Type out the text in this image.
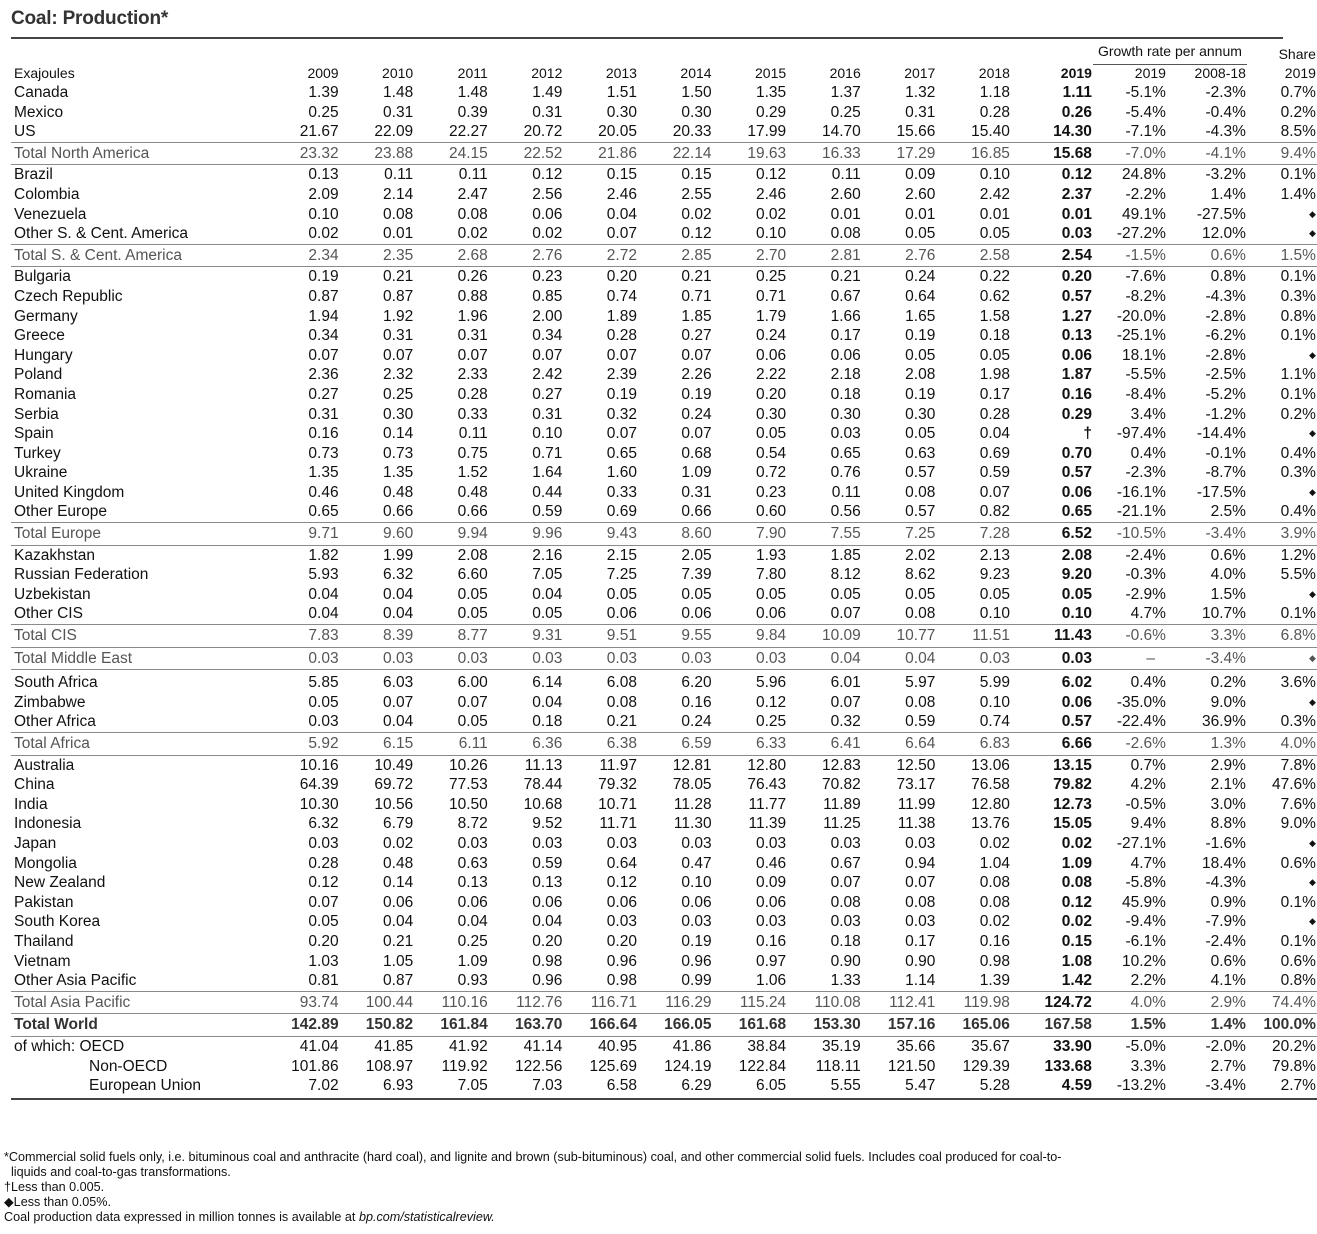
Coal: Production*
												Growth rate per annum		Share
Exajoules	2009	2010	2011	2012	2013	2014	2015	2016	2017	2018	2019	2019	2008-18	2019
Canada	1.39	1.48	1.48	1.49	1.51	1.50	1.35	1.37	1.32	1.18	1.11	-5.1%	-2.3%	0.7%
Mexico	0.25	0.31	0.39	0.31	0.30	0.30	0.29	0.25	0.31	0.28	0.26	-5.4%	-0.4%	0.2%
US	21.67	22.09	22.27	20.72	20.05	20.33	17.99	14.70	15.66	15.40	14.30	-7.1%	-4.3%	8.5%
Total North America	23.32	23.88	24.15	22.52	21.86	22.14	19.63	16.33	17.29	16.85	15.68	-7.0%	-4.1%	9.4%
Brazil	0.13	0.11	0.11	0.12	0.15	0.15	0.12	0.11	0.09	0.10	0.12	24.8%	-3.2%	0.1%
Colombia	2.09	2.14	2.47	2.56	2.46	2.55	2.46	2.60	2.60	2.42	2.37	-2.2%	1.4%	1.4%
Venezuela	0.10	0.08	0.08	0.06	0.04	0.02	0.02	0.01	0.01	0.01	0.01	49.1%	-27.5%	◆
Other S. & Cent. America	0.02	0.01	0.02	0.02	0.07	0.12	0.10	0.08	0.05	0.05	0.03	-27.2%	12.0%	◆
Total S. & Cent. America	2.34	2.35	2.68	2.76	2.72	2.85	2.70	2.81	2.76	2.58	2.54	-1.5%	0.6%	1.5%
Bulgaria	0.19	0.21	0.26	0.23	0.20	0.21	0.25	0.21	0.24	0.22	0.20	-7.6%	0.8%	0.1%
Czech Republic	0.87	0.87	0.88	0.85	0.74	0.71	0.71	0.67	0.64	0.62	0.57	-8.2%	-4.3%	0.3%
Germany	1.94	1.92	1.96	2.00	1.89	1.85	1.79	1.66	1.65	1.58	1.27	-20.0%	-2.8%	0.8%
Greece	0.34	0.31	0.31	0.34	0.28	0.27	0.24	0.17	0.19	0.18	0.13	-25.1%	-6.2%	0.1%
Hungary	0.07	0.07	0.07	0.07	0.07	0.07	0.06	0.06	0.05	0.05	0.06	18.1%	-2.8%	◆
Poland	2.36	2.32	2.33	2.42	2.39	2.26	2.22	2.18	2.08	1.98	1.87	-5.5%	-2.5%	1.1%
Romania	0.27	0.25	0.28	0.27	0.19	0.19	0.20	0.18	0.19	0.17	0.16	-8.4%	-5.2%	0.1%
Serbia	0.31	0.30	0.33	0.31	0.32	0.24	0.30	0.30	0.30	0.28	0.29	3.4%	-1.2%	0.2%
Spain	0.16	0.14	0.11	0.10	0.07	0.07	0.05	0.03	0.05	0.04	†	-97.4%	-14.4%	◆
Turkey	0.73	0.73	0.75	0.71	0.65	0.68	0.54	0.65	0.63	0.69	0.70	0.4%	-0.1%	0.4%
Ukraine	1.35	1.35	1.52	1.64	1.60	1.09	0.72	0.76	0.57	0.59	0.57	-2.3%	-8.7%	0.3%
United Kingdom	0.46	0.48	0.48	0.44	0.33	0.31	0.23	0.11	0.08	0.07	0.06	-16.1%	-17.5%	◆
Other Europe	0.65	0.66	0.66	0.59	0.69	0.66	0.60	0.56	0.57	0.82	0.65	-21.1%	2.5%	0.4%
Total Europe	9.71	9.60	9.94	9.96	9.43	8.60	7.90	7.55	7.25	7.28	6.52	-10.5%	-3.4%	3.9%
Kazakhstan	1.82	1.99	2.08	2.16	2.15	2.05	1.93	1.85	2.02	2.13	2.08	-2.4%	0.6%	1.2%
Russian Federation	5.93	6.32	6.60	7.05	7.25	7.39	7.80	8.12	8.62	9.23	9.20	-0.3%	4.0%	5.5%
Uzbekistan	0.04	0.04	0.05	0.04	0.05	0.05	0.05	0.05	0.05	0.05	0.05	-2.9%	1.5%	◆
Other CIS	0.04	0.04	0.05	0.05	0.06	0.06	0.06	0.07	0.08	0.10	0.10	4.7%	10.7%	0.1%
Total CIS	7.83	8.39	8.77	9.31	9.51	9.55	9.84	10.09	10.77	11.51	11.43	-0.6%	3.3%	6.8%
Total Middle East	0.03	0.03	0.03	0.03	0.03	0.03	0.03	0.04	0.04	0.03	0.03	–	-3.4%	◆
South Africa	5.85	6.03	6.00	6.14	6.08	6.20	5.96	6.01	5.97	5.99	6.02	0.4%	0.2%	3.6%
Zimbabwe	0.05	0.07	0.07	0.04	0.08	0.16	0.12	0.07	0.08	0.10	0.06	-35.0%	9.0%	◆
Other Africa	0.03	0.04	0.05	0.18	0.21	0.24	0.25	0.32	0.59	0.74	0.57	-22.4%	36.9%	0.3%
Total Africa	5.92	6.15	6.11	6.36	6.38	6.59	6.33	6.41	6.64	6.83	6.66	-2.6%	1.3%	4.0%
Australia	10.16	10.49	10.26	11.13	11.97	12.81	12.80	12.83	12.50	13.06	13.15	0.7%	2.9%	7.8%
China	64.39	69.72	77.53	78.44	79.32	78.05	76.43	70.82	73.17	76.58	79.82	4.2%	2.1%	47.6%
India	10.30	10.56	10.50	10.68	10.71	11.28	11.77	11.89	11.99	12.80	12.73	-0.5%	3.0%	7.6%
Indonesia	6.32	6.79	8.72	9.52	11.71	11.30	11.39	11.25	11.38	13.76	15.05	9.4%	8.8%	9.0%
Japan	0.03	0.02	0.03	0.03	0.03	0.03	0.03	0.03	0.03	0.02	0.02	-27.1%	-1.6%	◆
Mongolia	0.28	0.48	0.63	0.59	0.64	0.47	0.46	0.67	0.94	1.04	1.09	4.7%	18.4%	0.6%
New Zealand	0.12	0.14	0.13	0.13	0.12	0.10	0.09	0.07	0.07	0.08	0.08	-5.8%	-4.3%	◆
Pakistan	0.07	0.06	0.06	0.06	0.06	0.06	0.06	0.08	0.08	0.08	0.12	45.9%	0.9%	0.1%
South Korea	0.05	0.04	0.04	0.04	0.03	0.03	0.03	0.03	0.03	0.02	0.02	-9.4%	-7.9%	◆
Thailand	0.20	0.21	0.25	0.20	0.20	0.19	0.16	0.18	0.17	0.16	0.15	-6.1%	-2.4%	0.1%
Vietnam	1.03	1.05	1.09	0.98	0.96	0.96	0.97	0.90	0.90	0.98	1.08	10.2%	0.6%	0.6%
Other Asia Pacific	0.81	0.87	0.93	0.96	0.98	0.99	1.06	1.33	1.14	1.39	1.42	2.2%	4.1%	0.8%
Total Asia Pacific	93.74	100.44	110.16	112.76	116.71	116.29	115.24	110.08	112.41	119.98	124.72	4.0%	2.9%	74.4%
Total World	142.89	150.82	161.84	163.70	166.64	166.05	161.68	153.30	157.16	165.06	167.58	1.5%	1.4%	100.0%
of which: OECD	41.04	41.85	41.92	41.14	40.95	41.86	38.84	35.19	35.66	35.67	33.90	-5.0%	-2.0%	20.2%
Non-OECD	101.86	108.97	119.92	122.56	125.69	124.19	122.84	118.11	121.50	129.39	133.68	3.3%	2.7%	79.8%
European Union	7.02	6.93	7.05	7.03	6.58	6.29	6.05	5.55	5.47	5.28	4.59	-13.2%	-3.4%	2.7%
*Commercial solid fuels only, i.e. bituminous coal and anthracite (hard coal), and lignite and brown (sub-bituminous) coal, and other commercial solid fuels. Includes coal produced for coal-to-
liquids and coal-to-gas transformations.
†Less than 0.005.
◆Less than 0.05%.
Coal production data expressed in million tonnes is available at bp.com/statisticalreview.
